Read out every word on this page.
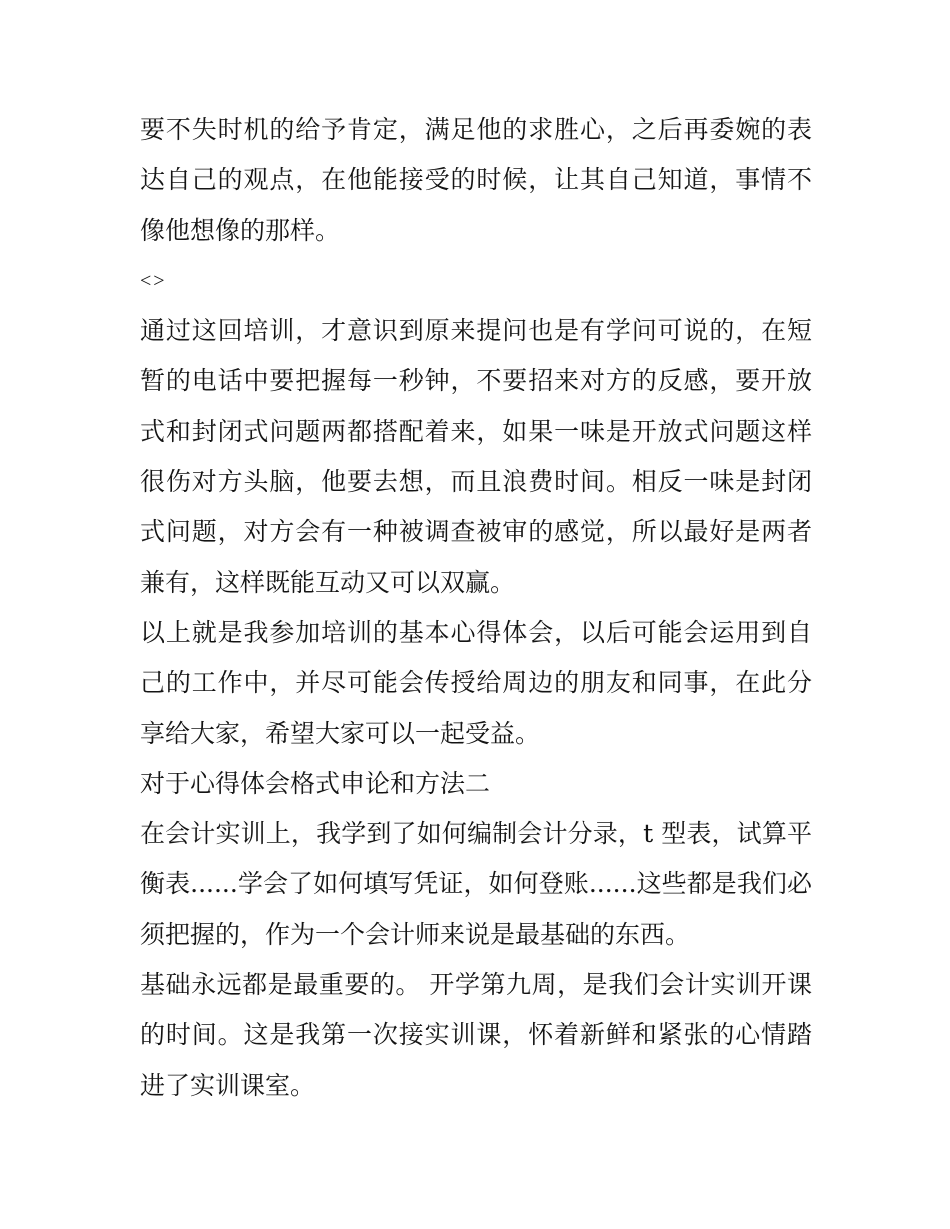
要不失时机的给予肯定，满足他的求胜心，之后再委婉的表达自己的观点，在他能接受的时候，让其自己知道，事情不像他想像的那样。

<>

通过这回培训，才意识到原来提问也是有学问可说的，在短暂的电话中要把握每一秒钟，不要招来对方的反感，要开放式和封闭式问题两都搭配着来，如果一味是开放式问题这样很伤对方头脑，他要去想，而且浪费时间。相反一味是封闭式问题，对方会有一种被调查被审的感觉，所以最好是两者兼有，这样既能互动又可以双赢。

以上就是我参加培训的基本心得体会，以后可能会运用到自己的工作中，并尽可能会传授给周边的朋友和同事，在此分享给大家，希望大家可以一起受益。

对于心得体会格式申论和方法二

在会计实训上，我学到了如何编制会计分录，t 型表，试算平衡表......学会了如何填写凭证，如何登账......这些都是我们必须把握的，作为一个会计师来说是最基础的东西。

基础永远都是最重要的。 开学第九周，是我们会计实训开课的时间。这是我第一次接实训课，怀着新鲜和紧张的心情踏进了实训课室。
